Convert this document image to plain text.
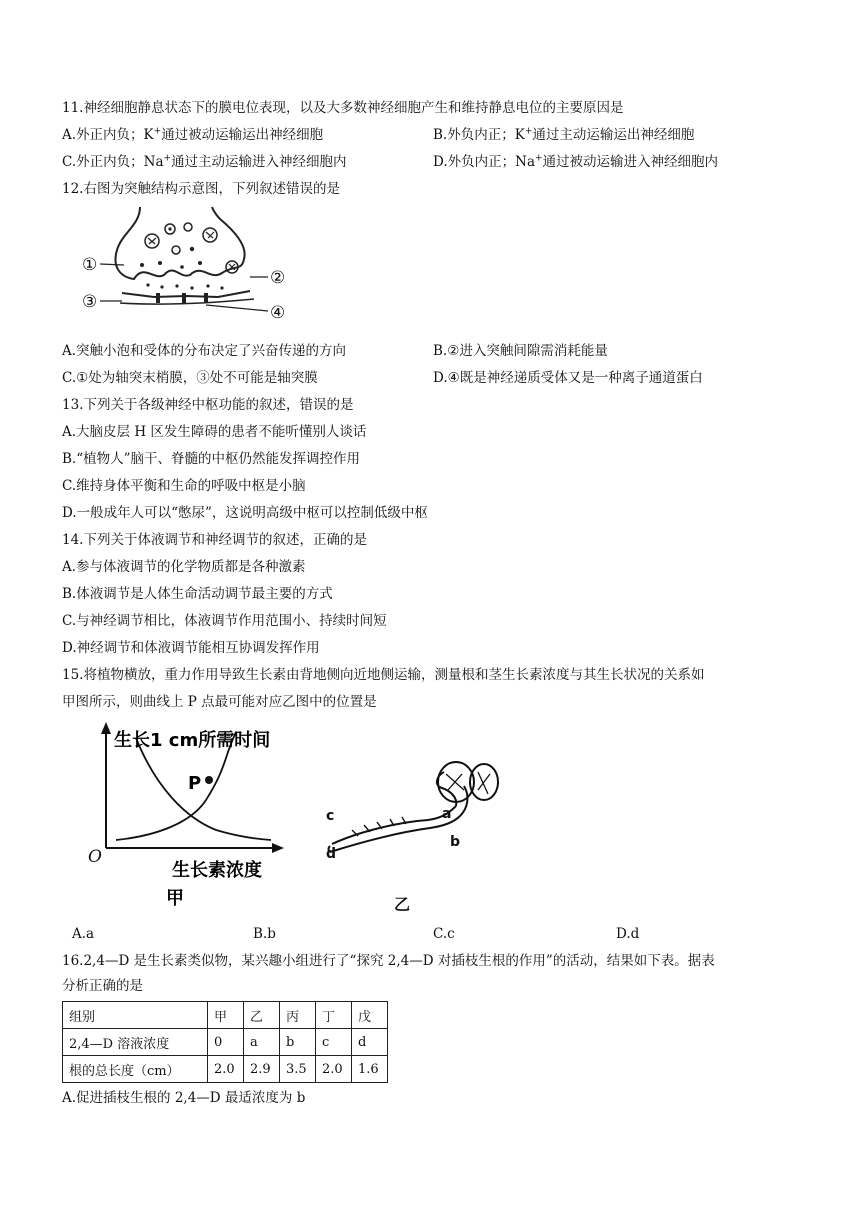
11.神经细胞静息状态下的膜电位表现，以及大多数神经细胞产生和维持静息电位的主要原因是
A.外正内负；K+通过被动运输运出神经细胞	B.外负内正；K+通过主动运输运出神经细胞
C.外正内负；Na+通过主动运输进入神经细胞内	D.外负内正；Na+通过被动运输进入神经细胞内
12.右图为突触结构示意图，下列叙述错误的是
①
②
③
④
A.突触小泡和受体的分布决定了兴奋传递的方向	B.②进入突触间隙需消耗能量
C.①处为轴突末梢膜，③处不可能是轴突膜	D.④既是神经递质受体又是一种离子通道蛋白
13.下列关于各级神经中枢功能的叙述，错误的是
A.大脑皮层 H 区发生障碍的患者不能听懂别人谈话
B.“植物人”脑干、脊髓的中枢仍然能发挥调控作用
C.维持身体平衡和生命的呼吸中枢是小脑
D.一般成年人可以“憋尿”，这说明高级中枢可以控制低级中枢
14.下列关于体液调节和神经调节的叙述，正确的是
A.参与体液调节的化学物质都是各种激素
B.体液调节是人体生命活动调节最主要的方式
C.与神经调节相比，体液调节作用范围小、持续时间短
D.神经调节和体液调节能相互协调发挥作用
15.将植物横放，重力作用导致生长素由背地侧向近地侧运输，测量根和茎生长素浓度与其生长状况的关系如
甲图所示，则曲线上 P 点最可能对应乙图中的位置是
生长1 cm所需时间
P
O
生长素浓度
甲
c
d
a
b
乙
A.a	B.b	C.c	D.d
16.2,4—D 是生长素类似物，某兴趣小组进行了“探究 2,4—D 对插枝生根的作用”的活动，结果如下表。据表
分析正确的是
组别	甲	乙	丙	丁	戊
2,4—D 溶液浓度	0	a	b	c	d
根的总长度（cm）	2.0	2.9	3.5	2.0	1.6
A.促进插枝生根的 2,4—D 最适浓度为 b
